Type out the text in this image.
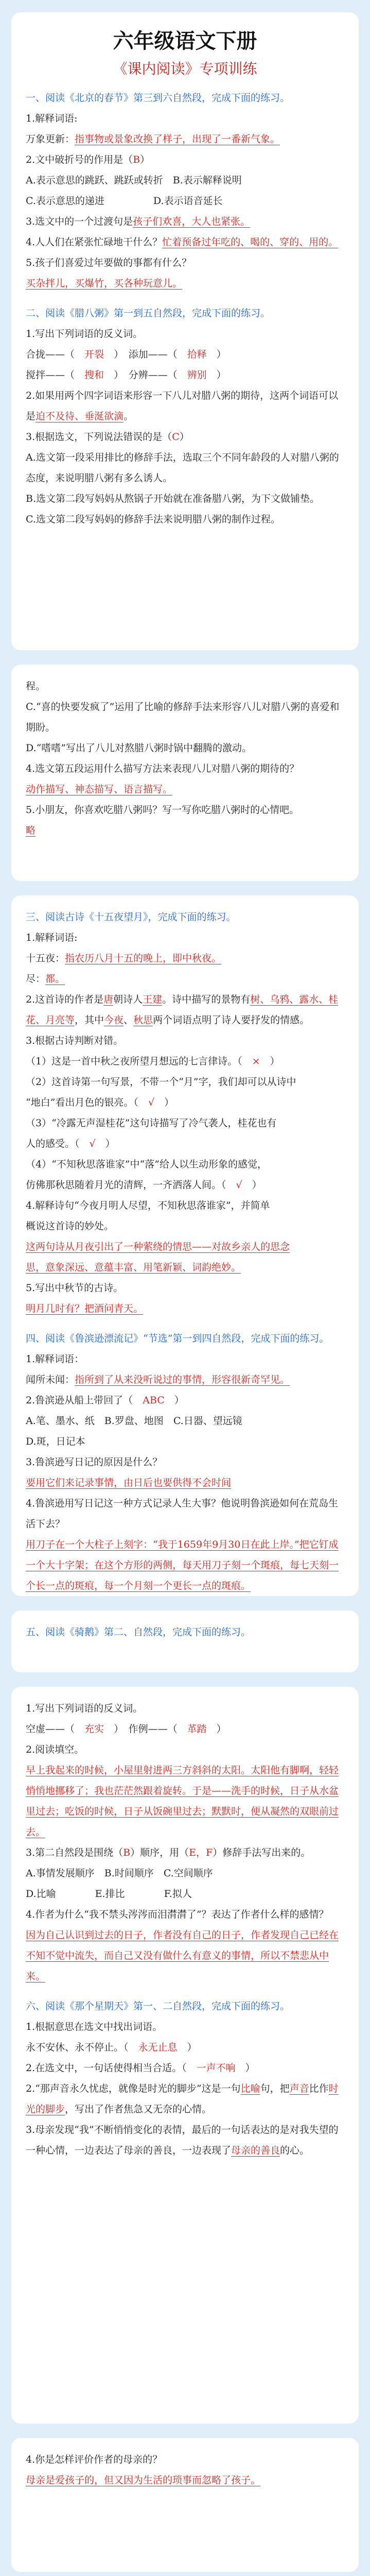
六年级语文下册
《课内阅读》专项训练
一、阅读《北京的春节》第三到六自然段，完成下面的练习。
1.解释词语:
万象更新：指事物或景象改换了样子，出现了一番新气象。
2.文中破折号的作用是（B）
A.表示意思的跳跃、跳跃或转折　 B.表示解释说明
C.表示意思的递进　　　　　	D.表示语音延长
3.选文中的一个过渡句是孩子们欢喜，大人也紧张。
4.人人们在紧张忙碌地干什么？忙着预备过年吃的、喝的、穿的、用的。
5.孩子们喜爱过年要做的事都有什么？
买杂拌儿，买爆竹，买各种玩意儿。
二、阅读《腊八粥》第一到五自然段，完成下面的练习。
1.写出下列词语的反义词。
合拢——（　 开裂　 ）　 添加——（　 拾释　 ）
搅拌——（　 搜和　 ）　 分辨——（　 辨别　 ）
2.如果用两个四字词语来形容一下八儿对腊八粥的期待，这两个词语可以是迫不及待、垂涎欲滴。
3.根据选文，下列说法错误的是（C）
A.选文第一段采用排比的修辞手法，选取三个不同年龄段的人对腊八粥的态度，来说明腊八粥有多么诱人。
B.选文第二段写妈妈从熬锅子开始就在准备腊八粥，为下文做铺垫。
C.选文第二段写妈妈的修辞手法来说明腊八粥的制作过程。
程。
C.“喜的快要发疯了”运用了比喻的修辞手法来形容八儿对腊八粥的喜爱和期盼。
D.“嗜嗜”写出了八儿对熬腊八粥时锅中翻腾的激动。
4.选文第五段运用什么描写方法来表现八儿对腊八粥的期待的？
动作描写、神态描写、语言描写。
5.小朋友，你喜欢吃腊八粥吗？写一写你吃腊八粥时的心情吧。
略
三、阅读古诗《十五夜望月》，完成下面的练习。
1.解释词语:
十五夜：指农历八月十五的晚上，即中秋夜。
尽：都。
2.这首诗的作者是唐朝诗人王建。诗中描写的景物有树、乌鸦、露水、桂花、月亮等，其中今夜、秋思两个词语点明了诗人要抒发的情感。
3.根据古诗判断对错。
（1）这是一首中秋之夜所望月想远的七言律诗。（　 ×　）
（2）这首诗第一句写景，不带一个“月”字，我们却可以从诗中
“地白”看出月色的银亮。（　 √　）
（3）“冷露无声湿桂花”这句诗描写了冷气袭人，桂花也有
人的感受。（　 √　）
（4）“不知秋思落谁家”中“落”给人以生动形象的感觉，
仿佛那秋思随着月光的清辉，一齐洒落人间。（　 √　）
4.解释诗句“今夜月明人尽望，不知秋思落谁家”，并简单
概说这首诗的妙处。
这两句诗从月夜引出了一种萦绕的情思——对故乡亲人的思念
思，意象深远、意蕴丰富、用笔新颖、词韵绝妙。
5.写出中秋节的古诗。
明月几时有？把酒问青天。
四、阅读《鲁滨逊漂流记》“节选”第一到四自然段，完成下面的练习。
1.解释词语：
闻所未闻：指所到了从来没听说过的事情，形容很新奇罕见。
2.鲁滨逊从船上带回了（　 ABC　 ）
A.笔、墨水、纸　 B.罗盘、地图　 C.日器、望远镜
D.斑，日记本
3.鲁滨逊写日记的原因是什么？
要用它们来记录事情，由日后也要供得不会时间
4.鲁滨逊用写日记这一种方式记录人生大事？他说明鲁滨逊如何在荒岛生活下去？
用刀子在一个大柱子上刻字：“我于1659年9月30日在此上岸。”把它钉成一个大十字架；在这个方形的两侧，每天用刀子刻一个斑痕，每七天刻一个长一点的斑痕，每一个月刻一个更长一点的斑痕。
五、阅读《骑鹅》第二、自然段，完成下面的练习。
1.写出下列词语的反义词。
空虚——（　 充实　 ）　 作例——（　 革踏　 ）
2.阅读填空。
早上我起来的时候，小屋里射进两三方斜斜的太阳。太阳他有脚啊，轻轻悄悄地挪移了；我也茫茫然跟着旋转。于是——洗手的时候，日子从水盆里过去；吃饭的时候，日子从饭碗里过去；默默时，便从凝然的双眼前过去。
3.第二自然段是围绕（B）顺序，用（E，F）修辞手法写出来的。
A.事情发展顺序　 B.时间顺序　 C.空间顺序
D.比喻　　　　	E.排比　　　　	F.拟人
4.作者为什么“我不禁头涔涔而泪潸潸了”？表达了作者什么样的感情？
因为自己认识到过去的日子，作者没有自己的日子，作者发现自己已经在不知不觉中流失，而自己又没有做什么有意义的事情，所以不禁悲从中来。
六、阅读《那个星期天》第一、二自然段，完成下面的练习。
1.根据意思在选文中找出词语。
永不安休、永不停止。（　 永无止息　）
2.在选文中，一句话使得相当合适。（　 一声不响　）
2.“那声音永久忧虑，就像是时光的脚步”这是一句比喻句，把声音比作时光的脚步，写出了作者焦急又无奈的心情。
3.母亲发现“我”不断悄悄变化的表情，最后的一句话表达的是对我失望的一种心情，一边表达了母亲的善良，一边表现了母亲的善良的心。
4.你是怎样评价作者的母亲的？
母亲是爱孩子的，但又因为生活的琐事而忽略了孩子。
